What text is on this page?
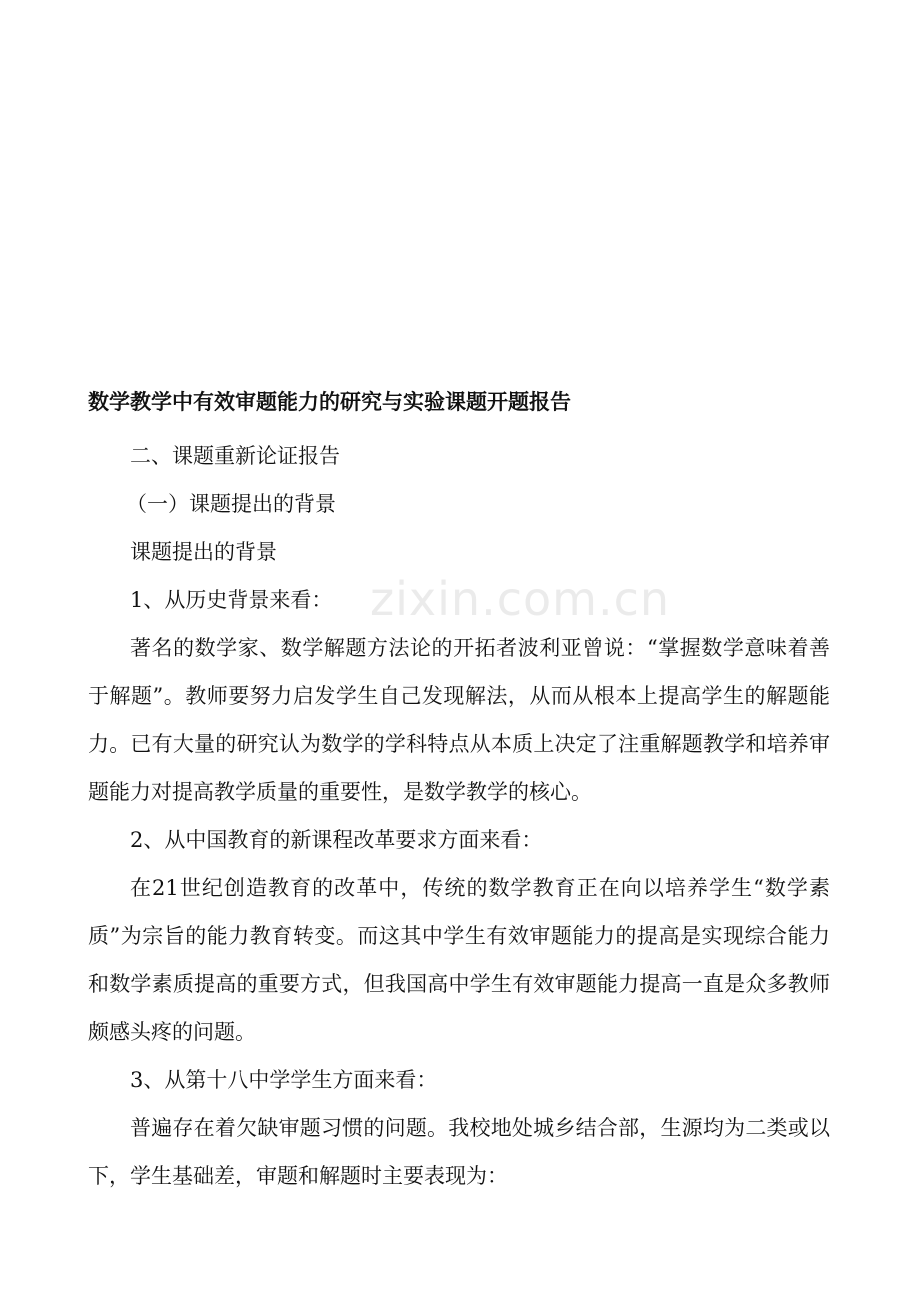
zixin.com.cn

数学教学中有效审题能力的研究与实验课题开题报告

二、课题重新论证报告

（一）课题提出的背景

课题提出的背景

1、从历史背景来看：

著名的数学家、数学解题方法论的开拓者波利亚曾说：“掌握数学意味着善于解题”。教师要努力启发学生自己发现解法，从而从根本上提高学生的解题能力。已有大量的研究认为数学的学科特点从本质上决定了注重解题教学和培养审题能力对提高教学质量的重要性，是数学教学的核心。

2、从中国教育的新课程改革要求方面来看：

在21世纪创造教育的改革中，传统的数学教育正在向以培养学生“数学素质”为宗旨的能力教育转变。而这其中学生有效审题能力的提高是实现综合能力和数学素质提高的重要方式，但我国高中学生有效审题能力提高一直是众多教师颇感头疼的问题。

3、从第十八中学学生方面来看：

普遍存在着欠缺审题习惯的问题。我校地处城乡结合部，生源均为二类或以下，学生基础差，审题和解题时主要表现为：
